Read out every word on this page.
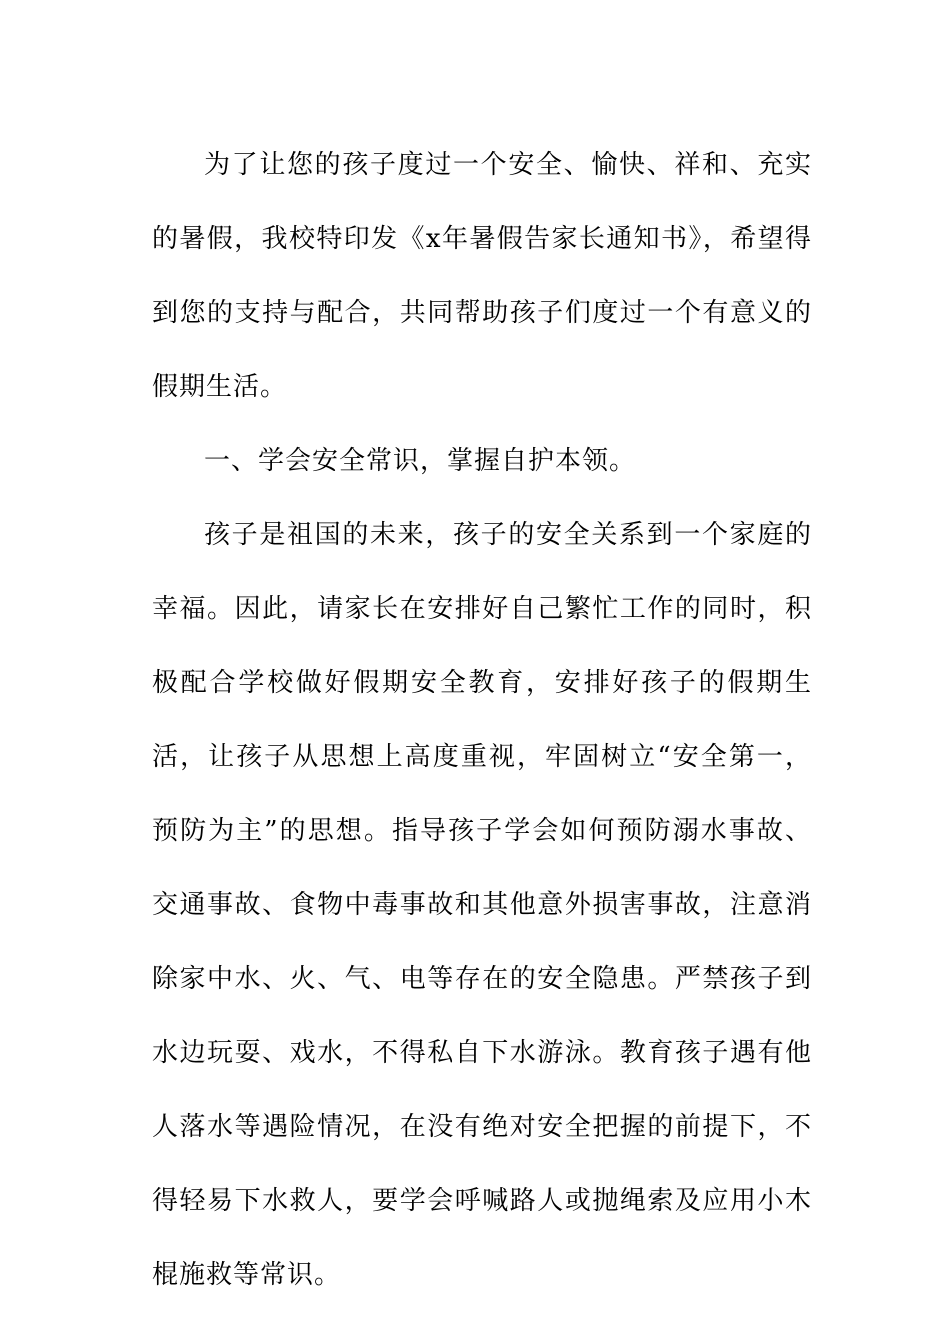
为了让您的孩子度过一个安全、愉快、祥和、充实的暑假，我校特印发《x年暑假告家长通知书》，希望得到您的支持与配合，共同帮助孩子们度过一个有意义的假期生活。

一、学会安全常识，掌握自护本领。

孩子是祖国的未来，孩子的安全关系到一个家庭的幸福。因此，请家长在安排好自己繁忙工作的同时，积极配合学校做好假期安全教育，安排好孩子的假期生活，让孩子从思想上高度重视，牢固树立“安全第一，预防为主”的思想。指导孩子学会如何预防溺水事故、交通事故、食物中毒事故和其他意外损害事故，注意消除家中水、火、气、电等存在的安全隐患。严禁孩子到水边玩耍、戏水，不得私自下水游泳。教育孩子遇有他人落水等遇险情况，在没有绝对安全把握的前提下，不得轻易下水救人，要学会呼喊路人或抛绳索及应用小木棍施救等常识。
